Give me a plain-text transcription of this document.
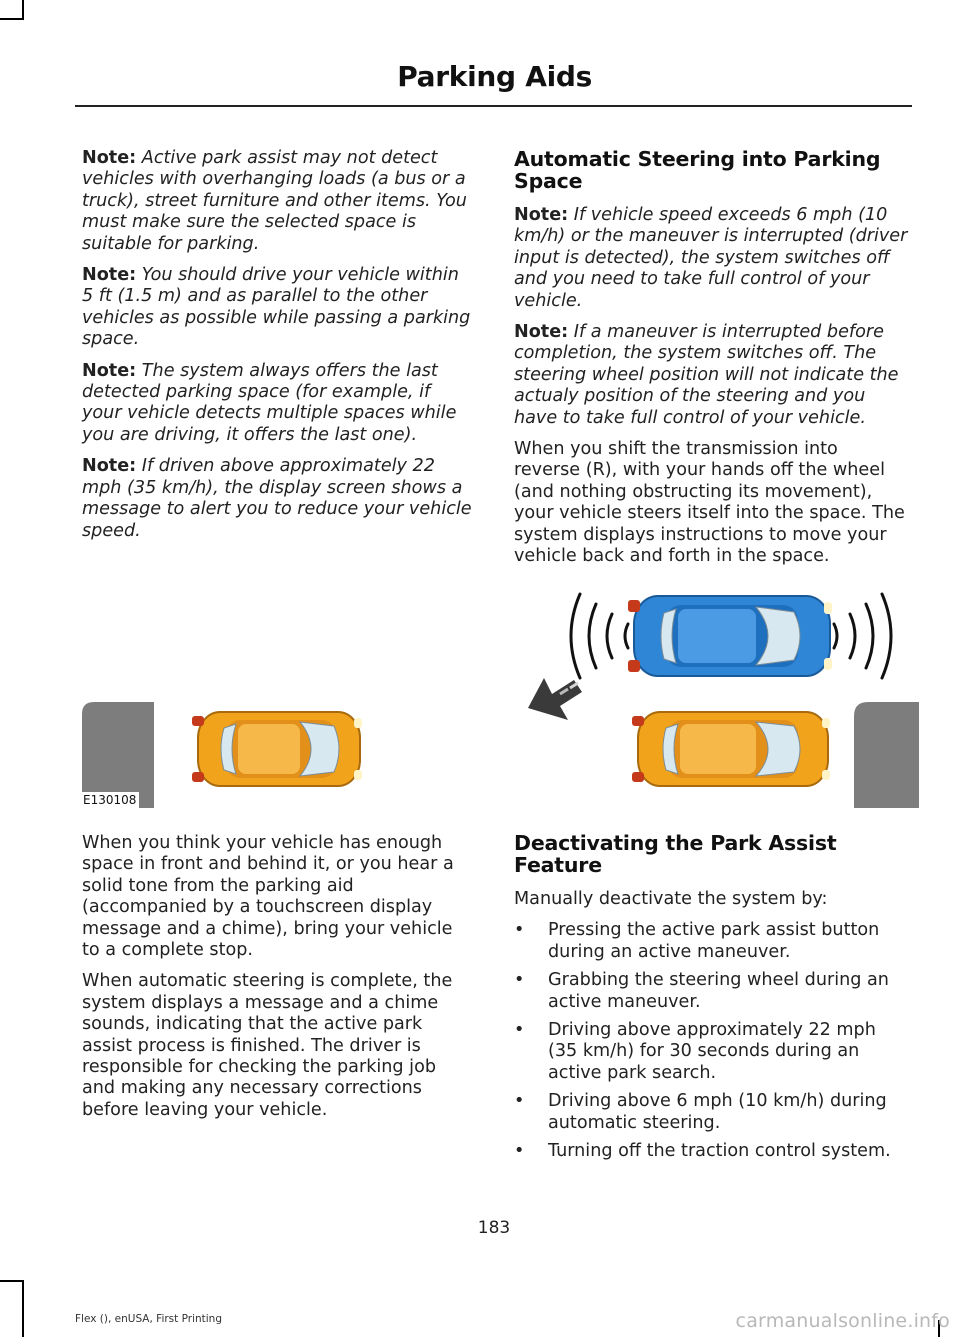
Parking Aids

Note: Active park assist may not detect vehicles with overhanging loads (a bus or a truck), street furniture and other items. You must make sure the selected space is suitable for parking.

Note: You should drive your vehicle within 5 ft (1.5 m) and as parallel to the other vehicles as possible while passing a parking space.

Note: The system always offers the last detected parking space (for example, if your vehicle detects multiple spaces while you are driving, it offers the last one).

Note: If driven above approximately 22 mph (35 km/h), the display screen shows a message to alert you to reduce your vehicle speed.

Automatic Steering into Parking Space

Note: If vehicle speed exceeds 6 mph (10 km/h) or the maneuver is interrupted (driver input is detected), the system switches off and you need to take full control of your vehicle.

Note: If a maneuver is interrupted before completion, the system switches off. The steering wheel position will not indicate the actualy position of the steering and you have to take full control of your vehicle.

When you shift the transmission into reverse (R), with your hands off the wheel (and nothing obstructing its movement), your vehicle steers itself into the space. The system displays instructions to move your vehicle back and forth in the space.

E130108

When you think your vehicle has enough space in front and behind it, or you hear a solid tone from the parking aid (accompanied by a touchscreen display message and a chime), bring your vehicle to a complete stop.

When automatic steering is complete, the system displays a message and a chime sounds, indicating that the active park assist process is finished. The driver is responsible for checking the parking job and making any necessary corrections before leaving your vehicle.

Deactivating the Park Assist Feature

Manually deactivate the system by:

• Pressing the active park assist button during an active maneuver.
• Grabbing the steering wheel during an active maneuver.
• Driving above approximately 22 mph (35 km/h) for 30 seconds during an active park search.
• Driving above 6 mph (10 km/h) during automatic steering.
• Turning off the traction control system.
183
Flex (), enUSA, First Printing	carmanualsonline.info
